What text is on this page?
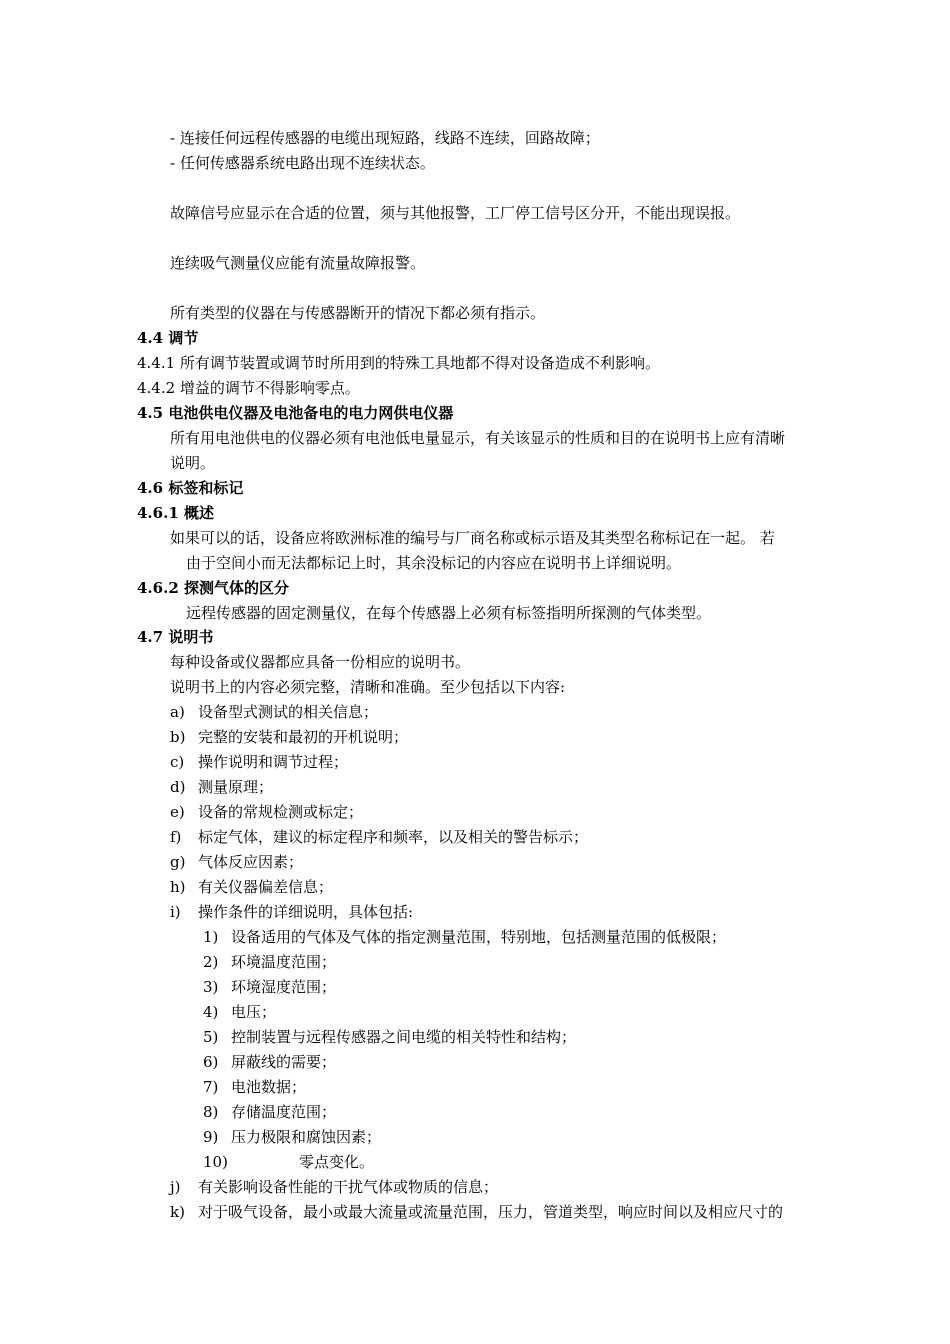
- 连接任何远程传感器的电缆出现短路，线路不连续，回路故障；
- 任何传感器系统电路出现不连续状态。
故障信号应显示在合适的位置，须与其他报警，工厂停工信号区分开，不能出现误报。
连续吸气测量仪应能有流量故障报警。
所有类型的仪器在与传感器断开的情况下都必须有指示。
4.4 调节
4.4.1 所有调节装置或调节时所用到的特殊工具地都不得对设备造成不利影响。
4.4.2 增益的调节不得影响零点。
4.5 电池供电仪器及电池备电的电力网供电仪器
所有用电池供电的仪器必须有电池低电量显示，有关该显示的性质和目的在说明书上应有清晰
说明。
4.6 标签和标记
4.6.1 概述
如果可以的话，设备应将欧洲标准的编号与厂商名称或标示语及其类型名称标记在一起。 若
由于空间小而无法都标记上时，其余没标记的内容应在说明书上详细说明。
4.6.2 探测气体的区分
远程传感器的固定测量仪，在每个传感器上必须有标签指明所探测的气体类型。
4.7 说明书
每种设备或仪器都应具备一份相应的说明书。
说明书上的内容必须完整，清晰和准确。至少包括以下内容:
a) 设备型式测试的相关信息；
b) 完整的安装和最初的开机说明；
c) 操作说明和调节过程；
d) 测量原理；
e) 设备的常规检测或标定；
f) 标定气体，建议的标定程序和频率，以及相关的警告标示；
g) 气体反应因素；
h) 有关仪器偏差信息；
i) 操作条件的详细说明，具体包括:
1) 设备适用的气体及气体的指定测量范围，特别地，包括测量范围的低极限；
2) 环境温度范围；
3) 环境湿度范围；
4) 电压；
5) 控制装置与远程传感器之间电缆的相关特性和结构；
6) 屏蔽线的需要；
7) 电池数据；
8) 存储温度范围；
9) 压力极限和腐蚀因素；
10)	零点变化。
j) 有关影响设备性能的干扰气体或物质的信息；
k) 对于吸气设备，最小或最大流量或流量范围，压力，管道类型，响应时间以及相应尺寸的
